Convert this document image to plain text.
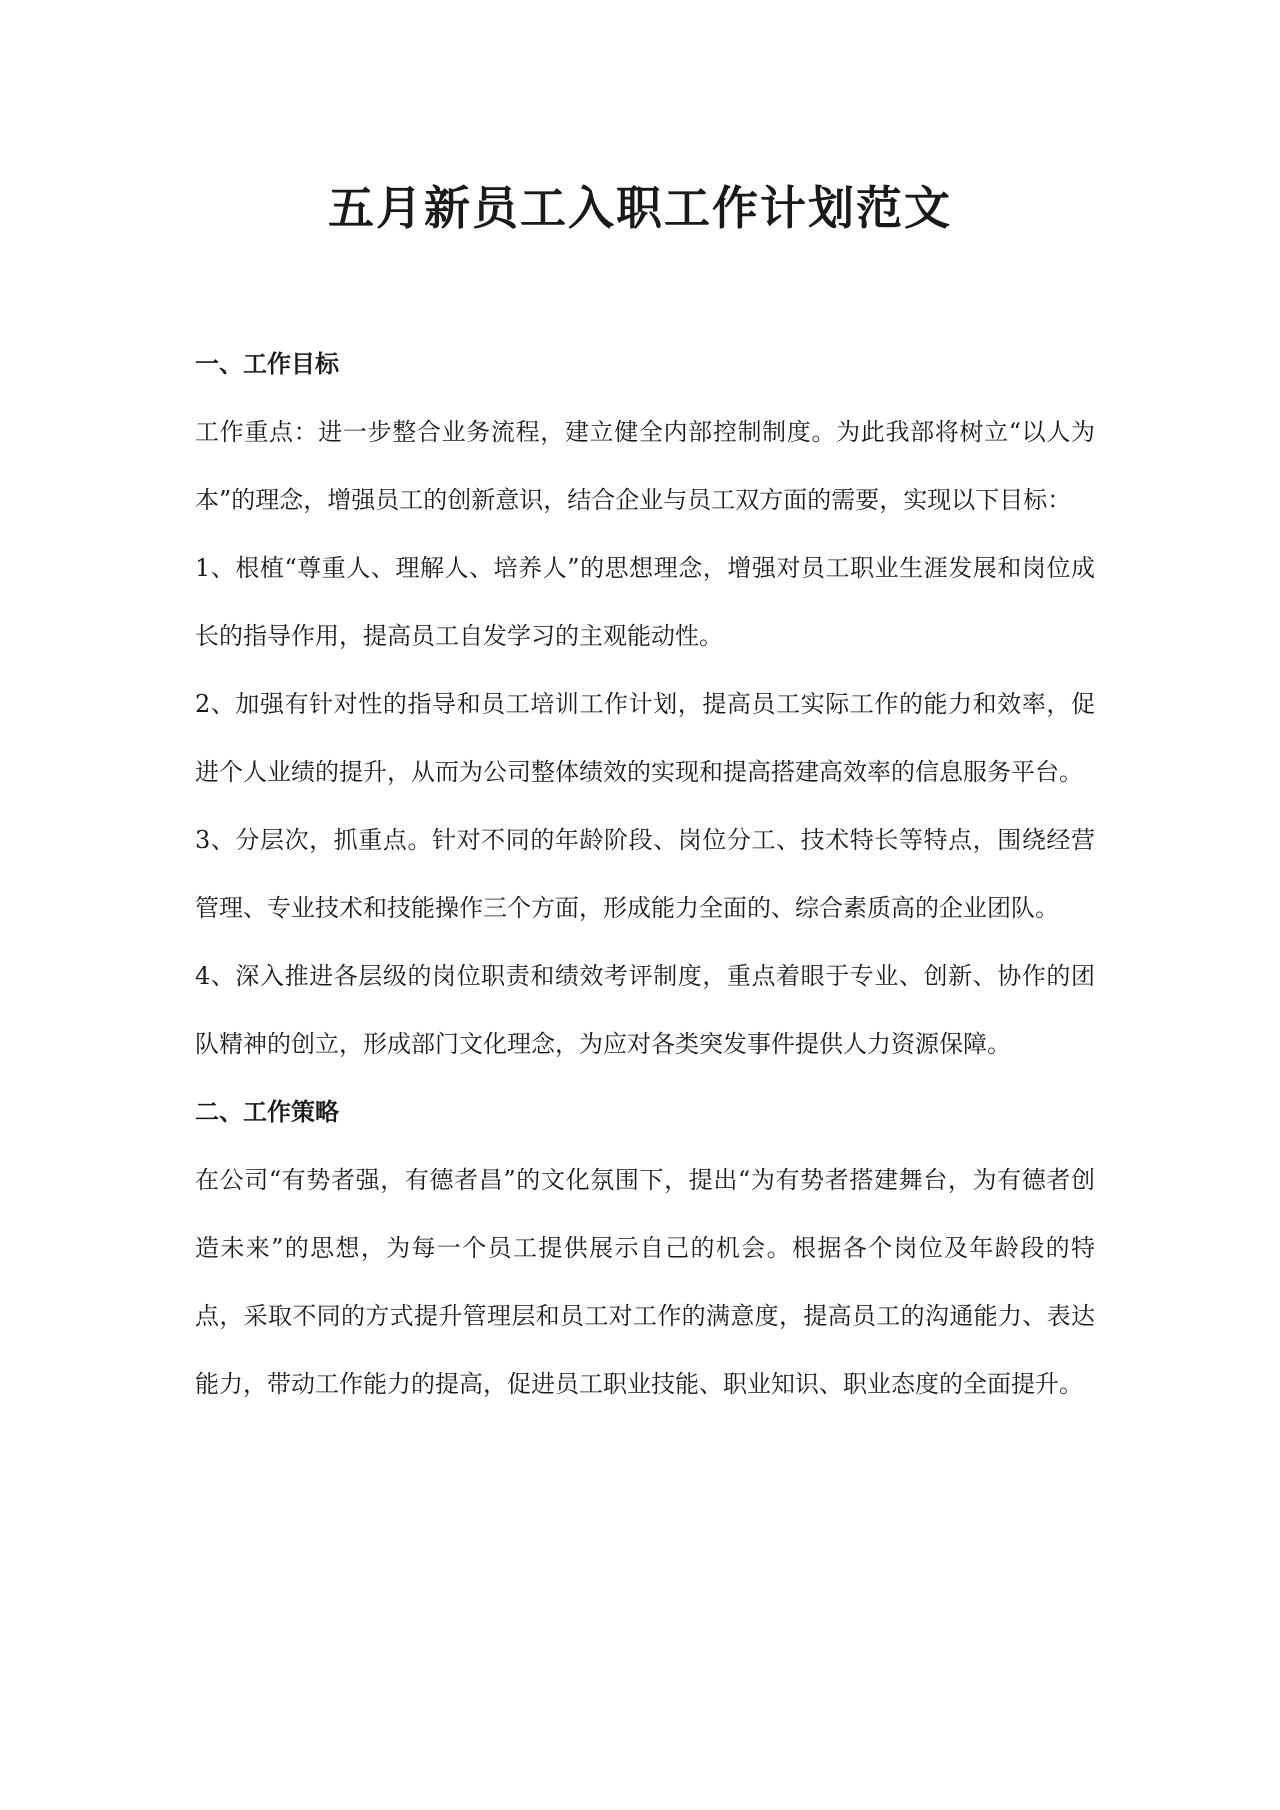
五月新员工入职工作计划范文
一、工作目标

工作重点：进一步整合业务流程，建立健全内部控制制度。为此我部将树立“以人为本”的理念，增强员工的创新意识，结合企业与员工双方面的需要，实现以下目标：

1、根植“尊重人、理解人、培养人”的思想理念，增强对员工职业生涯发展和岗位成长的指导作用，提高员工自发学习的主观能动性。

2、加强有针对性的指导和员工培训工作计划，提高员工实际工作的能力和效率，促进个人业绩的提升，从而为公司整体绩效的实现和提高搭建高效率的信息服务平台。

3、分层次，抓重点。针对不同的年龄阶段、岗位分工、技术特长等特点，围绕经营管理、专业技术和技能操作三个方面，形成能力全面的、综合素质高的企业团队。

4、深入推进各层级的岗位职责和绩效考评制度，重点着眼于专业、创新、协作的团队精神的创立，形成部门文化理念，为应对各类突发事件提供人力资源保障。

二、工作策略

在公司“有势者强，有德者昌”的文化氛围下，提出“为有势者搭建舞台，为有德者创造未来”的思想，为每一个员工提供展示自己的机会。根据各个岗位及年龄段的特点，采取不同的方式提升管理层和员工对工作的满意度，提高员工的沟通能力、表达能力，带动工作能力的提高，促进员工职业技能、职业知识、职业态度的全面提升。
